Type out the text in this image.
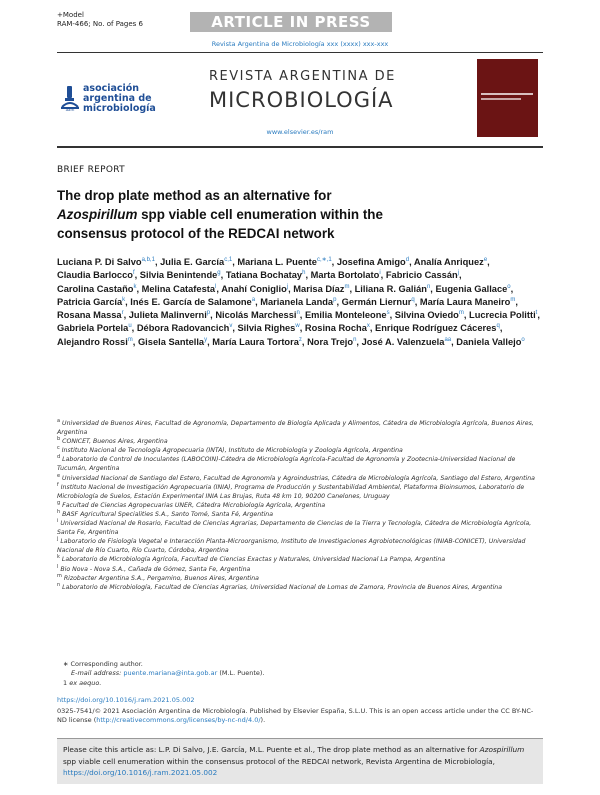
+Model
RAM-466; No. of Pages 6	ARTICLE IN PRESS
Revista Argentina de Microbiología xxx (xxxx) xxx-xxx
aam
asociación
argentina de
microbiología
REVISTA ARGENTINA DE
MICROBIOLOGÍA
www.elsevier.es/ram
BRIEF REPORT
The drop plate method as an alternative for
Azospirillum spp viable cell enumeration within the
consensus protocol of the REDCAI network
Luciana P. Di Salvo$^{a,b,1}$, Julia E. García$^{c,1}$, Mariana L. Puente$^{c,∗,1}$, Josefina Amigo$^d$, Analía Anriquez$^e$, Claudia Barlocco$^f$, Silvia Benintende$^g$, Tatiana Bochatay$^h$, Marta Bortolato$^i$, Fabricio Cassán$^j$, Carolina Castaño$^k$, Melina Catafesta$^l$, Anahí Coniglio$^j$, Marisa Díaz$^m$, Liliana R. Galián$^n$, Eugenia Gallace$^o$, Patricia García$^k$, Inés E. García de Salamone$^a$, Marianela Landa$^p$, Germán Liernur$^q$, María Laura Maneiro$^m$, Rosana Massa$^r$, Julieta Malinverni$^p$, Nicolás Marchessi$^n$, Emilia Monteleone$^s$, Silvina Oviedo$^m$, Lucrecia Politti$^t$, Gabriela Portela$^u$, Débora Radovancich$^v$, Silvia Righes$^w$, Rosina Rocha$^x$, Enrique Rodríguez Cáceres$^q$, Alejandro Rossi$^m$, Gisela Santella$^y$, María Laura Tortora$^z$, Nora Trejo$^n$, José A. Valenzuela$^{aa}$, Daniela Vallejo$^o$
$^a$ Universidad de Buenos Aires, Facultad de Agronomía, Departamento de Biología Aplicada y Alimentos, Cátedra de Microbiología Agrícola, Buenos Aires, Argentina
$^b$ CONICET, Buenos Aires, Argentina
$^c$ Instituto Nacional de Tecnología Agropecuaria (INTA), Instituto de Microbiología y Zoología Agrícola, Argentina
$^d$ Laboratorio de Control de Inoculantes (LABOCOIN)-Cátedra de Microbiología Agrícola-Facultad de Agronomía y Zootecnia-Universidad Nacional de Tucumán, Argentina
$^e$ Universidad Nacional de Santiago del Estero, Facultad de Agronomía y Agroindustrias, Cátedra de Microbiología Agrícola, Santiago del Estero, Argentina
$^f$ Instituto Nacional de Investigación Agropecuaria (INIA), Programa de Producción y Sustentabilidad Ambiental, Plataforma Bioinsumos, Laboratorio de Microbiología de Suelos, Estación Experimental INIA Las Brujas, Ruta 48 km 10, 90200 Canelones, Uruguay
$^g$ Facultad de Ciencias Agropecuarias UNER, Cátedra Microbiología Agrícola, Argentina
$^h$ BASF Agricultural Specialities S.A., Santo Tomé, Santa Fé, Argentina
$^i$ Universidad Nacional de Rosario, Facultad de Ciencias Agrarias, Departamento de Ciencias de la Tierra y Tecnología, Cátedra de Microbiología Agrícola, Santa Fe, Argentina
$^j$ Laboratorio de Fisiología Vegetal e Interacción Planta-Microorganismo, Instituto de Investigaciones Agrobiotecnológicas (INIAB-CONICET), Universidad Nacional de Río Cuarto, Río Cuarto, Córdoba, Argentina
$^k$ Laboratorio de Microbiología Agrícola, Facultad de Ciencias Exactas y Naturales, Universidad Nacional La Pampa, Argentina
$^l$ Bio Nova - Nova S.A., Cañada de Gómez, Santa Fe, Argentina
$^m$ Rizobacter Argentina S.A., Pergamino, Buenos Aires, Argentina
$^n$ Laboratorio de Microbiología, Facultad de Ciencias Agrarias, Universidad Nacional de Lomas de Zamora, Provincia de Buenos Aires, Argentina
∗ Corresponding author.
E-mail address: puente.mariana@inta.gob.ar (M.L. Puente).
1 ex aequo.
https://doi.org/10.1016/j.ram.2021.05.002
0325-7541/© 2021 Asociación Argentina de Microbiología. Published by Elsevier España, S.L.U. This is an open access article under the CC BY-NC-ND license (http://creativecommons.org/licenses/by-nc-nd/4.0/).
Please cite this article as: L.P. Di Salvo, J.E. García, M.L. Puente et al., The drop plate method as an alternative for Azospirillum spp viable cell enumeration within the consensus protocol of the REDCAI network, Revista Argentina de Microbiología, https://doi.org/10.1016/j.ram.2021.05.002
